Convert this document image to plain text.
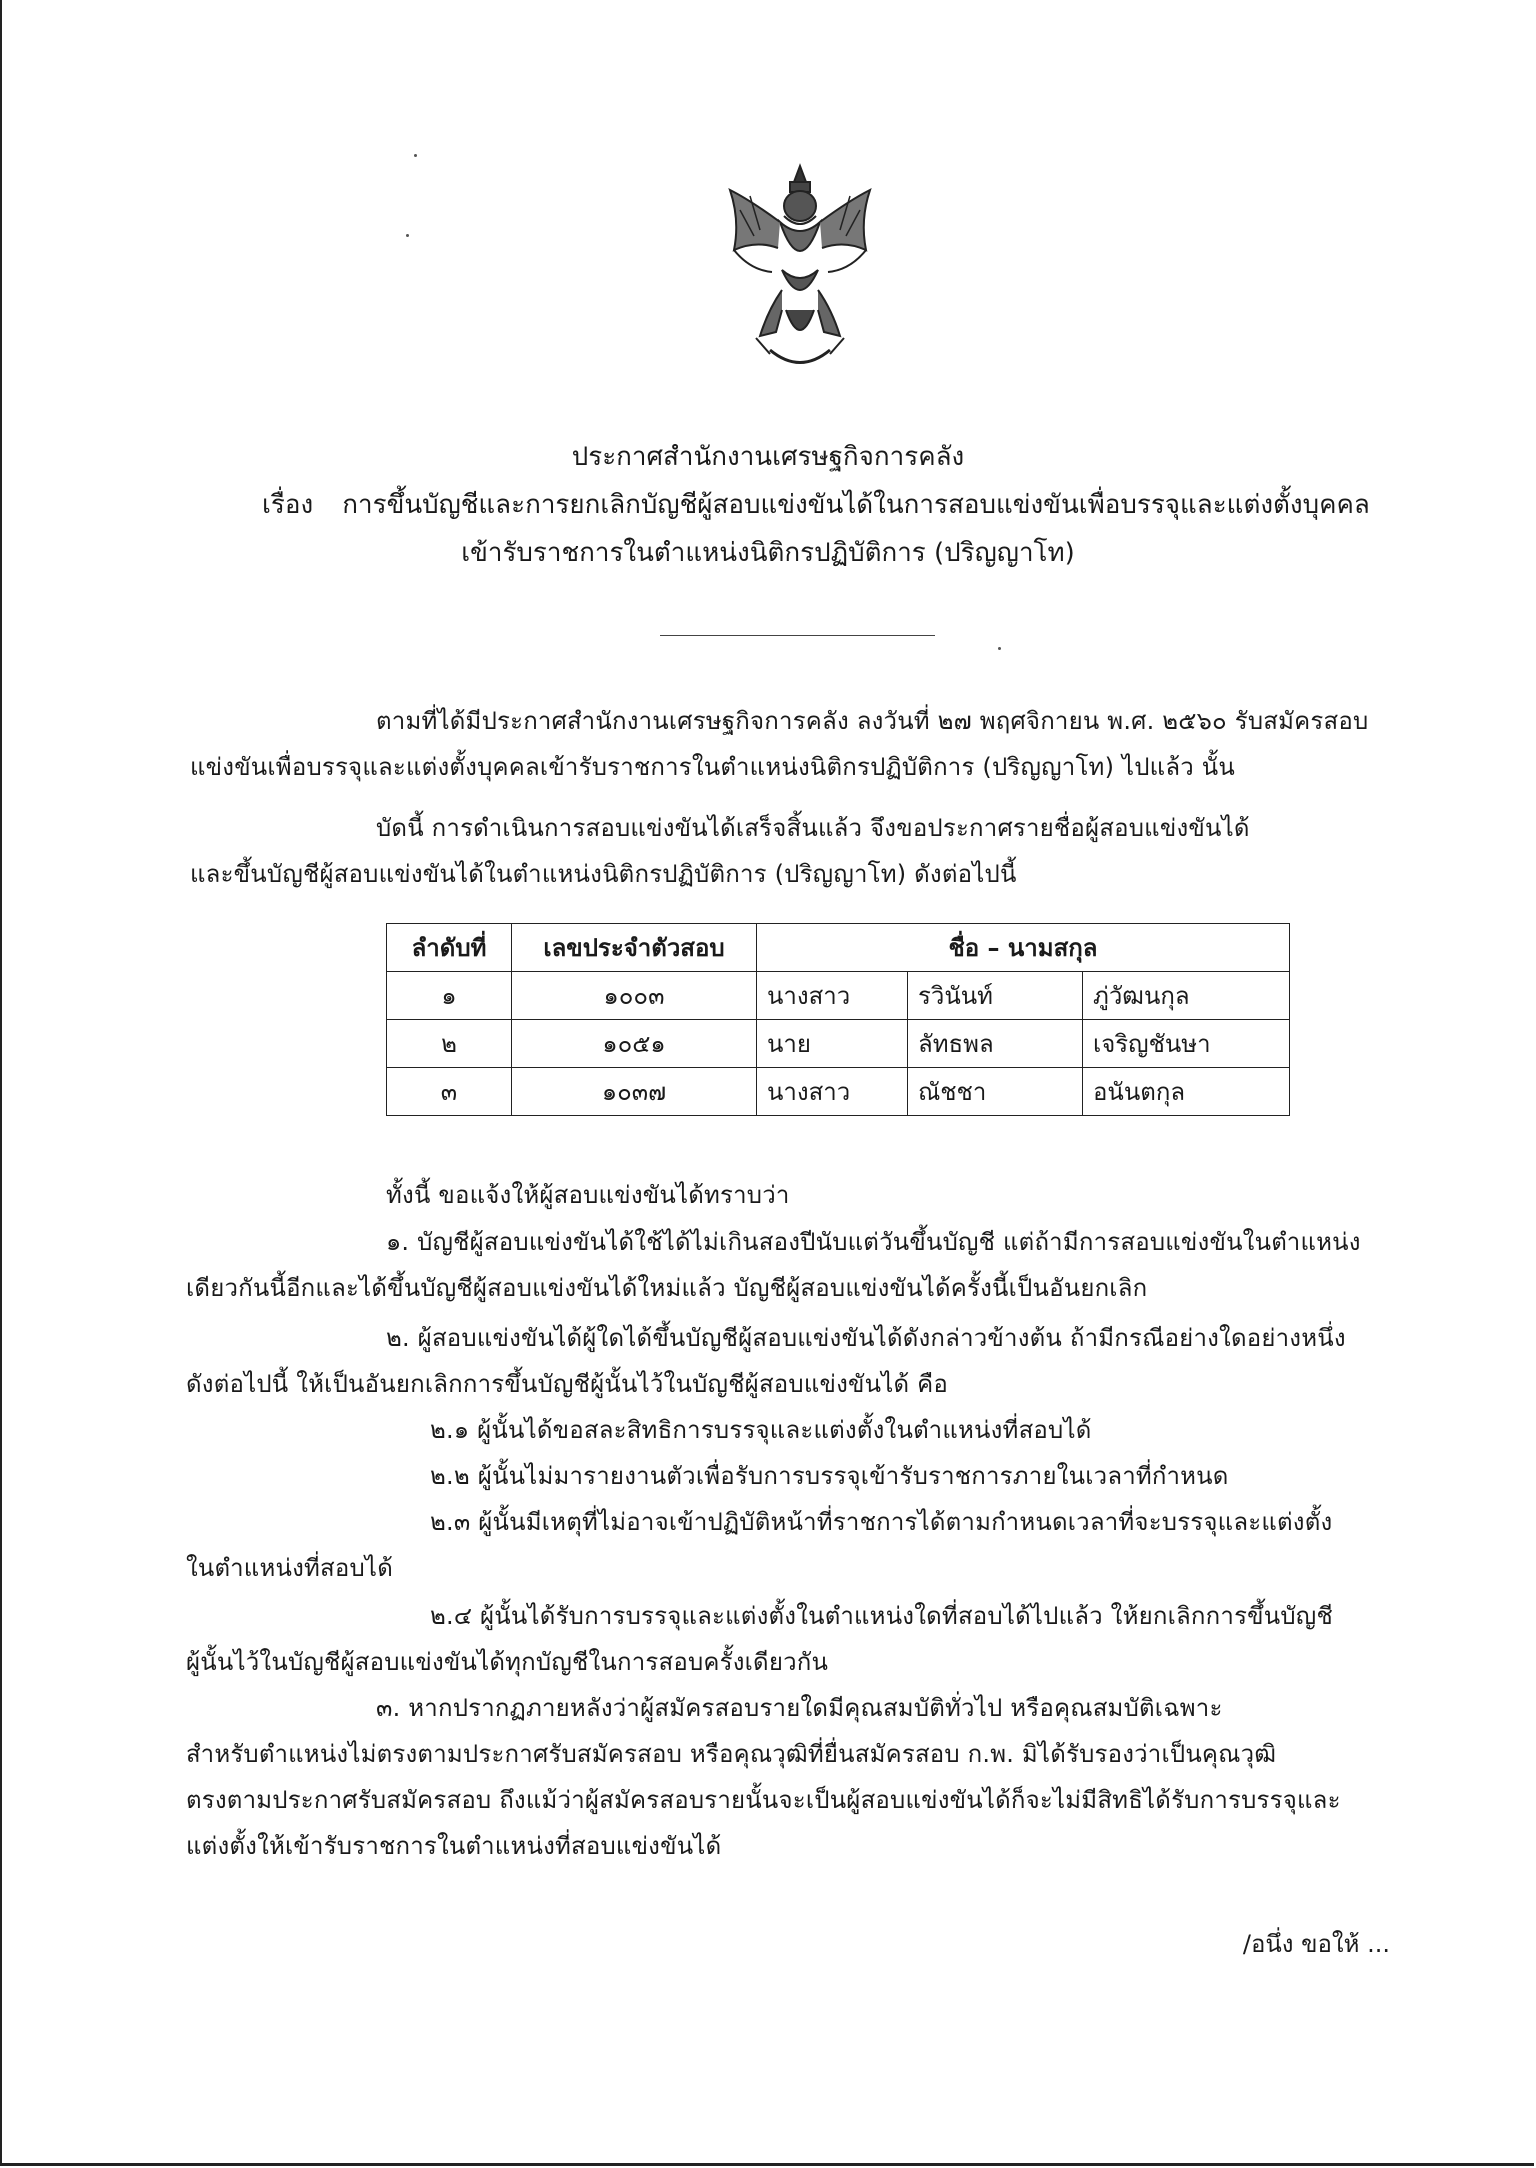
ประกาศสำนักงานเศรษฐกิจการคลัง
เรื่อง การขึ้นบัญชีและการยกเลิกบัญชีผู้สอบแข่งขันได้ในการสอบแข่งขันเพื่อบรรจุและแต่งตั้งบุคคล
เข้ารับราชการในตำแหน่งนิติกรปฏิบัติการ (ปริญญาโท)
ตามที่ได้มีประกาศสำนักงานเศรษฐกิจการคลัง ลงวันที่ ๒๗ พฤศจิกายน พ.ศ. ๒๕๖๐ รับสมัครสอบ
แข่งขันเพื่อบรรจุและแต่งตั้งบุคคลเข้ารับราชการในตำแหน่งนิติกรปฏิบัติการ (ปริญญาโท) ไปแล้ว นั้น
บัดนี้ การดำเนินการสอบแข่งขันได้เสร็จสิ้นแล้ว จึงขอประกาศรายชื่อผู้สอบแข่งขันได้
และขึ้นบัญชีผู้สอบแข่งขันได้ในตำแหน่งนิติกรปฏิบัติการ (ปริญญาโท) ดังต่อไปนี้
ลำดับที่	เลขประจำตัวสอบ	ชื่อ – นามสกุล		
๑	๑๐๐๓	นางสาว	รวินันท์	ภู่วัฒนกุล
๒	๑๐๕๑	นาย	ลัทธพล	เจริญชันษา
๓	๑๐๓๗	นางสาว	ณัชชา	อนันตกุล
ทั้งนี้ ขอแจ้งให้ผู้สอบแข่งขันได้ทราบว่า
๑. บัญชีผู้สอบแข่งขันได้ใช้ได้ไม่เกินสองปีนับแต่วันขึ้นบัญชี แต่ถ้ามีการสอบแข่งขันในตำแหน่ง
เดียวกันนี้อีกและได้ขึ้นบัญชีผู้สอบแข่งขันได้ใหม่แล้ว บัญชีผู้สอบแข่งขันได้ครั้งนี้เป็นอันยกเลิก
๒. ผู้สอบแข่งขันได้ผู้ใดได้ขึ้นบัญชีผู้สอบแข่งขันได้ดังกล่าวข้างต้น ถ้ามีกรณีอย่างใดอย่างหนึ่ง
ดังต่อไปนี้ ให้เป็นอันยกเลิกการขึ้นบัญชีผู้นั้นไว้ในบัญชีผู้สอบแข่งขันได้ คือ
๒.๑ ผู้นั้นได้ขอสละสิทธิการบรรจุและแต่งตั้งในตำแหน่งที่สอบได้
๒.๒ ผู้นั้นไม่มารายงานตัวเพื่อรับการบรรจุเข้ารับราชการภายในเวลาที่กำหนด
๒.๓ ผู้นั้นมีเหตุที่ไม่อาจเข้าปฏิบัติหน้าที่ราชการได้ตามกำหนดเวลาที่จะบรรจุและแต่งตั้ง
ในตำแหน่งที่สอบได้
๒.๔ ผู้นั้นได้รับการบรรจุและแต่งตั้งในตำแหน่งใดที่สอบได้ไปแล้ว ให้ยกเลิกการขึ้นบัญชี
ผู้นั้นไว้ในบัญชีผู้สอบแข่งขันได้ทุกบัญชีในการสอบครั้งเดียวกัน
๓. หากปรากฏภายหลังว่าผู้สมัครสอบรายใดมีคุณสมบัติทั่วไป หรือคุณสมบัติเฉพาะ
สำหรับตำแหน่งไม่ตรงตามประกาศรับสมัครสอบ หรือคุณวุฒิที่ยื่นสมัครสอบ ก.พ. มิได้รับรองว่าเป็นคุณวุฒิ
ตรงตามประกาศรับสมัครสอบ ถึงแม้ว่าผู้สมัครสอบรายนั้นจะเป็นผู้สอบแข่งขันได้ก็จะไม่มีสิทธิได้รับการบรรจุและ
แต่งตั้งให้เข้ารับราชการในตำแหน่งที่สอบแข่งขันได้
/อนึ่ง ขอให้ ...
